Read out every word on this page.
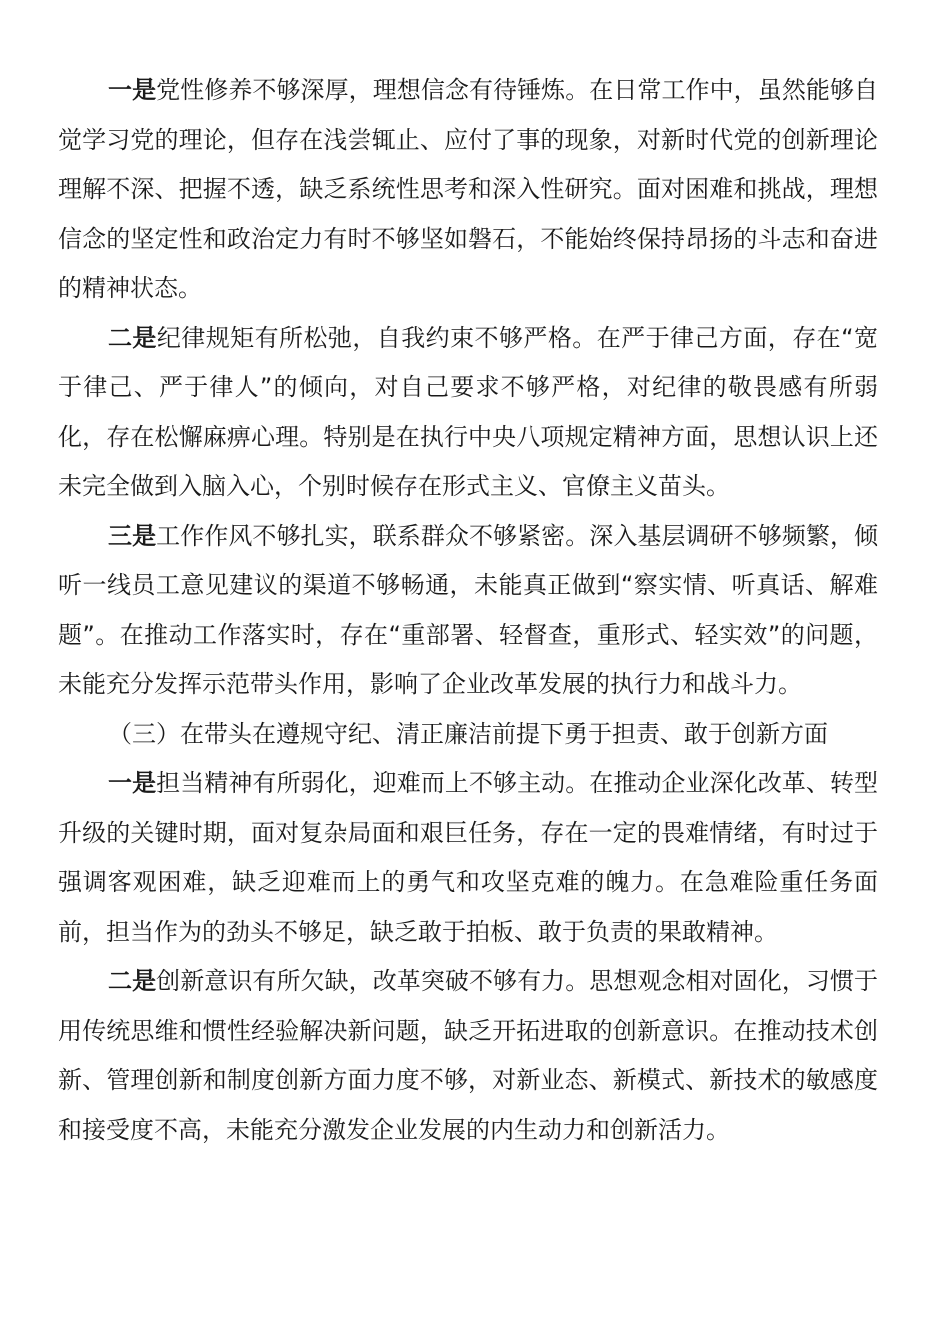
一是党性修养不够深厚，理想信念有待锤炼。在日常工作中，虽然能够自觉学习党的理论，但存在浅尝辄止、应付了事的现象，对新时代党的创新理论理解不深、把握不透，缺乏系统性思考和深入性研究。面对困难和挑战，理想信念的坚定性和政治定力有时不够坚如磐石，不能始终保持昂扬的斗志和奋进的精神状态。

二是纪律规矩有所松弛，自我约束不够严格。在严于律己方面，存在“宽于律己、严于律人”的倾向，对自己要求不够严格，对纪律的敬畏感有所弱化，存在松懈麻痹心理。特别是在执行中央八项规定精神方面，思想认识上还未完全做到入脑入心，个别时候存在形式主义、官僚主义苗头。

三是工作作风不够扎实，联系群众不够紧密。深入基层调研不够频繁，倾听一线员工意见建议的渠道不够畅通，未能真正做到“察实情、听真话、解难题”。在推动工作落实时，存在“重部署、轻督查，重形式、轻实效”的问题，未能充分发挥示范带头作用，影响了企业改革发展的执行力和战斗力。

（三）在带头在遵规守纪、清正廉洁前提下勇于担责、敢于创新方面

一是担当精神有所弱化，迎难而上不够主动。在推动企业深化改革、转型升级的关键时期，面对复杂局面和艰巨任务，存在一定的畏难情绪，有时过于强调客观困难，缺乏迎难而上的勇气和攻坚克难的魄力。在急难险重任务面前，担当作为的劲头不够足，缺乏敢于拍板、敢于负责的果敢精神。

二是创新意识有所欠缺，改革突破不够有力。思想观念相对固化，习惯于用传统思维和惯性经验解决新问题，缺乏开拓进取的创新意识。在推动技术创新、管理创新和制度创新方面力度不够，对新业态、新模式、新技术的敏感度和接受度不高，未能充分激发企业发展的内生动力和创新活力。
